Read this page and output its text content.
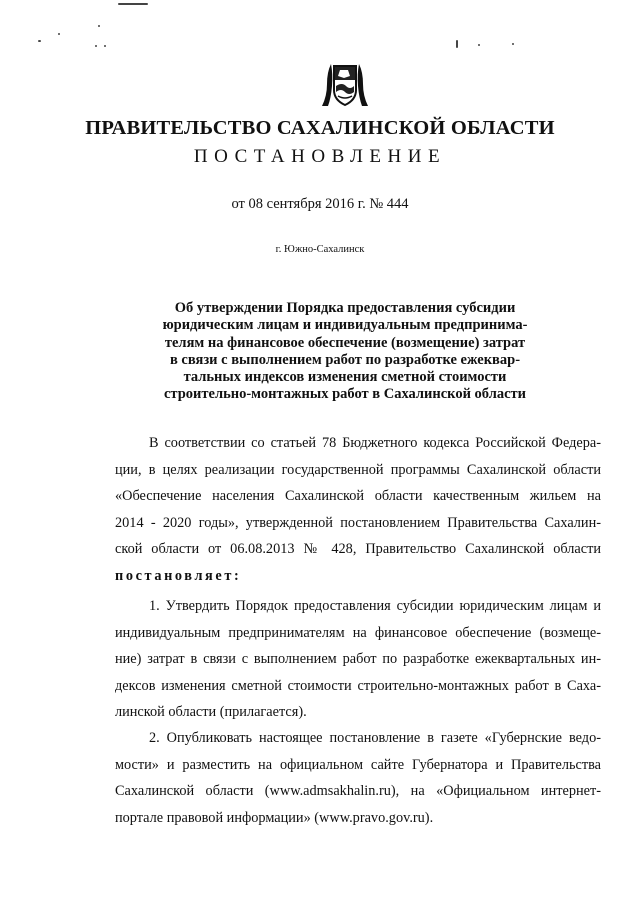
ПРАВИТЕЛЬСТВО САХАЛИНСКОЙ ОБЛАСТИ
ПОСТАНОВЛЕНИЕ
от 08 сентября 2016 г. № 444
г. Южно-Сахалинск
Об утверждении Порядка предоставления субсидии
юридическим лицам и индивидуальным предпринима-
телям на финансовое обеспечение (возмещение) затрат
в связи с выполнением работ по разработке ежеквар-
тальных индексов изменения сметной стоимости
строительно-монтажных работ в Сахалинской области
В соответствии со статьей 78 Бюджетного кодекса Российской Федера-
ции, в целях реализации государственной программы Сахалинской области
«Обеспечение населения Сахалинской области качественным жильем на
2014 - 2020 годы», утвержденной постановлением Правительства Сахалин-
ской области от 06.08.2013 № 428, Правительство Сахалинской области
постановляет:
1. Утвердить Порядок предоставления субсидии юридическим лицам и
индивидуальным предпринимателям на финансовое обеспечение (возмеще-
ние) затрат в связи с выполнением работ по разработке ежеквартальных ин-
дексов изменения сметной стоимости строительно-монтажных работ в Саха-
линской области (прилагается).
2. Опубликовать настоящее постановление в газете «Губернские ведо-
мости» и разместить на официальном сайте Губернатора и Правительства
Сахалинской области (www.admsakhalin.ru), на «Официальном интернет-
портале правовой информации» (www.pravo.gov.ru).
